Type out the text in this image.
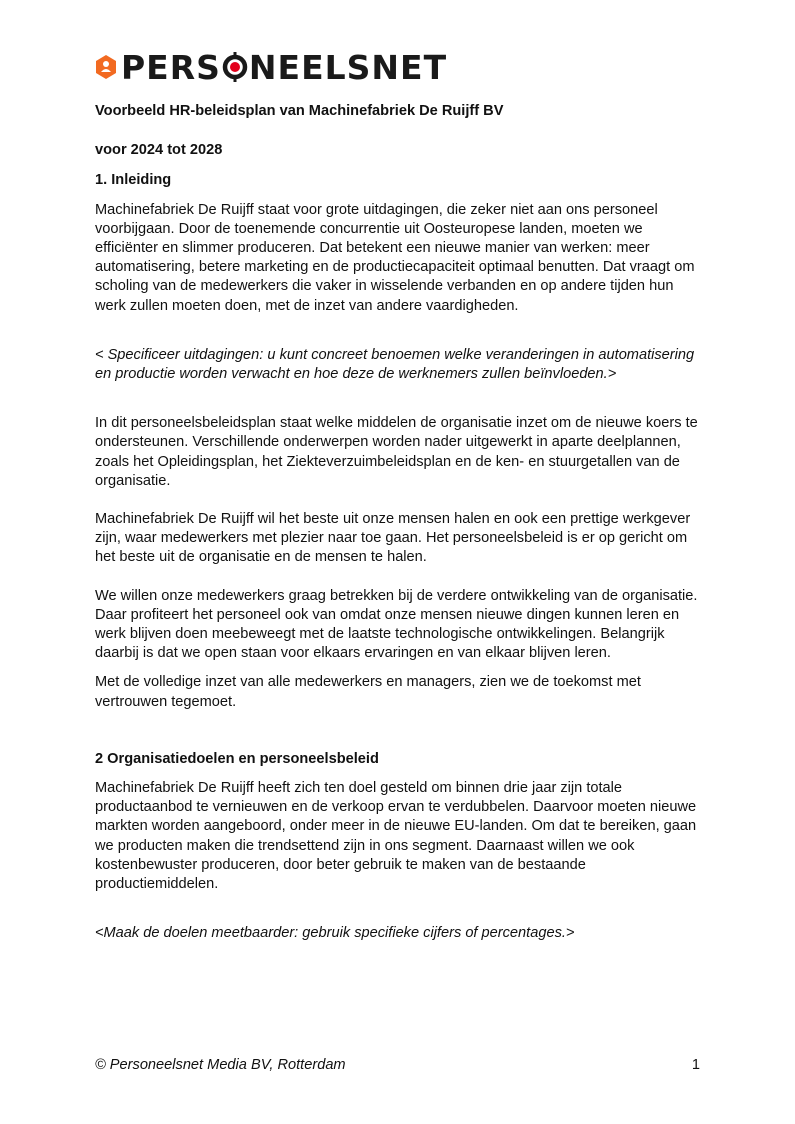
PERS NEELSNET

Voorbeeld HR-beleidsplan van Machinefabriek De Ruijff BV

voor 2024 tot 2028

1. Inleiding

Machinefabriek De Ruijff staat voor grote uitdagingen, die zeker niet aan ons personeel voorbijgaan. Door de toenemende concurrentie uit Oosteuropese landen, moeten we efficiënter en slimmer produceren. Dat betekent een nieuwe manier van werken: meer automatisering, betere marketing en de productiecapaciteit optimaal benutten. Dat vraagt om scholing van de medewerkers die vaker in wisselende verbanden en op andere tijden hun werk zullen moeten doen, met de inzet van andere vaardigheden.

< Specificeer uitdagingen: u kunt concreet benoemen welke veranderingen in automatisering en productie worden verwacht en hoe deze de werknemers zullen beïnvloeden.>

In dit personeelsbeleidsplan staat welke middelen de organisatie inzet om de nieuwe koers te ondersteunen. Verschillende onderwerpen worden nader uitgewerkt in aparte deelplannen, zoals het Opleidingsplan, het Ziekteverzuimbeleidsplan en de ken- en stuurgetallen van de organisatie.

Machinefabriek De Ruijff wil het beste uit onze mensen halen en ook een prettige werkgever zijn, waar medewerkers met plezier naar toe gaan. Het personeelsbeleid is er op gericht om het beste uit de organisatie en de mensen te halen.

We willen onze medewerkers graag betrekken bij de verdere ontwikkeling van de organisatie. Daar profiteert het personeel ook van omdat onze mensen nieuwe dingen kunnen leren en werk blijven doen meebeweegt met de laatste technologische ontwikkelingen. Belangrijk daarbij is dat we open staan voor elkaars ervaringen en van elkaar blijven leren.

Met de volledige inzet van alle medewerkers en managers, zien we de toekomst met vertrouwen tegemoet.

2 Organisatiedoelen en personeelsbeleid

Machinefabriek De Ruijff heeft zich ten doel gesteld om binnen drie jaar zijn totale productaanbod te vernieuwen en de verkoop ervan te verdubbelen. Daarvoor moeten nieuwe markten worden aangeboord, onder meer in de nieuwe EU-landen. Om dat te bereiken, gaan we producten maken die trendsettend zijn in ons segment. Daarnaast willen we ook kostenbewuster produceren, door beter gebruik te maken van de bestaande productiemiddelen.

<Maak de doelen meetbaarder: gebruik specifieke cijfers of percentages.>

© Personeelsnet Media BV, Rotterdam	1
